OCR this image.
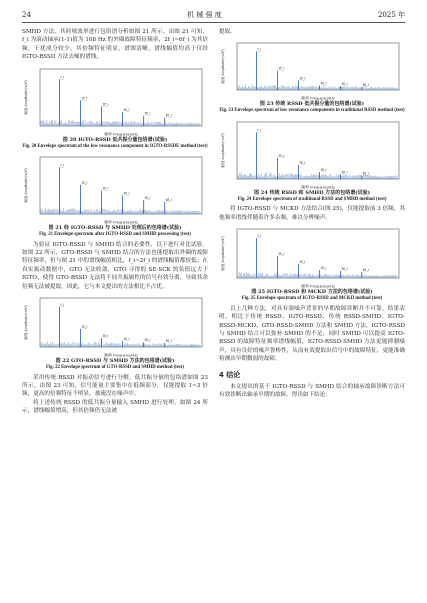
24	机 械 强 度	2025 年

SMHD 方法，其时域波形进行包络谱分析如图 21 所示。由图 21 可知，f_i 为滚动轴承(1-1)值为 108 Hz 的外圈故障特征频率，2f_i~6f_i 为其倍频，干扰成分较少，其倍频特征明显，谱图清晰，谱线幅值均高于仅经 IGTO-RSSD 方法去噪的谱线。

频率 Frequency/Hz
幅值 Amplitude/(m/s²)
f_i
2f_i
3f_i
4f_i
5f_i	6f_i
图 20 IGTO-RSSD 低共振分量包络谱(试验)
Fig. 20 Envelope spectrum of the low resonance component in IGTO-RSSDE method (test)
频率 Frequency/Hz
幅值 Amplitude/(m/s²)
f_i
2f_i
3f_i
4f_i
5f_i	6f_i
图 21 经 IGTO-RSSD 与 SMHD 处理后的包络谱(试验)
Fig. 21 Envelope spectrum after IGTO-RSSD and SMHD processing (test)

为验证 IGTO-RSSD 与 SMHD 结合的必要性，以下进行对比试验。如图 22 所示，GTO-RSSD 与 SMHD 结合的方法也能提取出外圈的故障特征频率，但与图 21 中的谱线幅值相比，f_i~2f_i 的谱线幅值都较低；在真实振动数据中，GTO 无法收敛，GTO 寻得的 SE-SCK 的负值远大于 IGTO，使得 GTO-RSSD 无法将不同共振属性的信号有效分离，导致其余倍频无法被提取。因此，它与本文提出的方法相比不占优。

频率 Frequency/Hz
幅值 Amplitude/(m/s²)
f_i
2f_i
3f_i
4f_i	5f_i	6f_i
图 22 GTO-RSSD 与 SMHD 方法的包络谱(试验)
Fig. 22 Envelope spectrum of GTO-RSSD and SMHD method (test)

采用传统 RSSD 对振动信号进行分解，低共振分量的包络谱如图 23 所示。由图 23 可知，信号能量主要集中在低频部分，仅能提取 1~3 倍频，更高的倍频特征不明显，被淹没在噪声中。

将上述传统 RSSD 的低共振分量输入 SMHD 进行处理，如图 24 所示，谱线幅值增高，但其倍频仍无法被

提取。

频率 Frequency/Hz
幅值 Amplitude/(m/s²)	f_i
2f_i
3f_i
4f_i	5f_i	6f_i
图 23 传统 RSSD 低共振分量的包络谱(试验)
Fig. 23 Envelope spectrum of low resonance components in traditional RSSD method (test)
频率 Frequency/Hz
幅值 Amplitude/(m/s²)
f_i
2f_i
3f_i
4f_i
5f_i	6f_i
图 24 传统 RSSD 和 SMHD 方法的包络谱(试验)
Fig. 24 Envelope spectrum of traditional RSSD and SMHD method (test)

将 IGTO-RSSD 与 MCKD 方法结合(图 25)，仅能提取前 3 倍频，其他频率谱线伴随着许多杂频，难以分辨噪声。

频率 Frequency/Hz
幅值 Amplitude/(m/s²)
f_i
2f_i
3f_i
4f_i	5f_i	6f_i
图 25 IGTO-RSSD 和 MCKD 方法的包络谱(试验)
Fig. 25 Envelope spectrum of IGTO-RSSD and MCKD method (test)

以上几种方法，对具有强噪声背景的早期故障诊断并不可靠。结果表明，相比于传统 RSSD、IGTO-RSSD、传统 RSSD-SMHD、IGTO-RSSD-MCKD、GTO-RSSD-SMHD 方法和 SMHD 方法，IGTO-RSSD 与 SMHD 结合可以弥补 SMHD 的不足，同时 SMHD 可以提高 IGTO-RSSD 的故障特征频率谱线幅值，IGTO-RSSD-SMHD 方法更能抑制噪声，具有良好的噪声鲁棒性，从而有效提取出信号中的故障特征，更能准确检测出早期微弱的故障。

4 结论

本文提出的基于 IGTO-RSSD 与 SMHD 结合的轴承故障诊断方法可有效诊断出轴承早期的故障。得出如下结论：
